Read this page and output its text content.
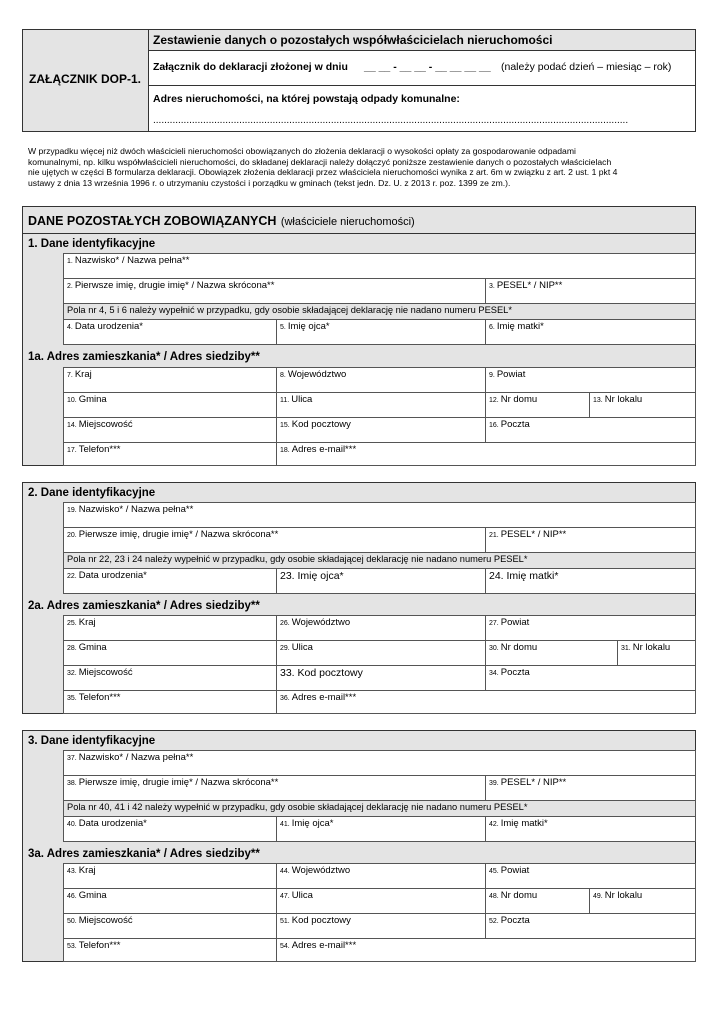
ZAŁĄCZNIK DOP-1.
Zestawienie danych o pozostałych współwłaścicielach nieruchomości
Załącznik do deklaracji złożonej w dniu __ __ - __ __ - __ __ __ __ (należy podać dzień – miesiąc – rok)
Adres nieruchomości, na której powstają odpady komunalne:
...........................................................................................................................................................................
W przypadku więcej niż dwóch właścicieli nieruchomości obowiązanych do złożenia deklaracji o wysokości opłaty za gospodarowanie odpadami
komunalnymi, np. kilku współwłaścicieli nieruchomości, do składanej deklaracji należy dołączyć poniższe zestawienie danych o pozostałych właścicielach
nie ujętych w części B formularza deklaracji. Obowiązek złożenia deklaracji przez właściciela nieruchomości wynika z art. 6m w związku z art. 2 ust. 1 pkt 4
ustawy z dnia 13 września 1996 r. o utrzymaniu czystości i porządku w gminach (tekst jedn. Dz. U. z 2013 r. poz. 1399 ze zm.).
DANE POZOSTAŁYCH ZOBOWIĄZANYCH (właściciele nieruchomości)
1. Dane identyfikacyjne
1. Nazwisko* / Nazwa pełna**
2. Pierwsze imię, drugie imię* / Nazwa skrócona**	3. PESEL* / NIP**
Pola nr 4, 5 i 6 należy wypełnić w przypadku, gdy osobie składającej deklarację nie nadano numeru PESEL*
4. Data urodzenia*	5. Imię ojca*	6. Imię matki*
1a. Adres zamieszkania* / Adres siedziby**
7. Kraj	8. Województwo	9. Powiat
10. Gmina	11. Ulica	12. Nr domu	13. Nr lokalu
14. Miejscowość	15. Kod pocztowy	16. Poczta
17. Telefon***	18. Adres e-mail***
2. Dane identyfikacyjne
19. Nazwisko* / Nazwa pełna**
20. Pierwsze imię, drugie imię* / Nazwa skrócona**	21. PESEL* / NIP**
Pola nr 22, 23 i 24 należy wypełnić w przypadku, gdy osobie składającej deklarację nie nadano numeru PESEL*
22. Data urodzenia*	23. Imię ojca*	24. Imię matki*
2a. Adres zamieszkania* / Adres siedziby**
25. Kraj	26. Województwo	27. Powiat
28. Gmina	29. Ulica	30. Nr domu	31. Nr lokalu
32. Miejscowość	33. Kod pocztowy	34. Poczta
35. Telefon***	36. Adres e-mail***
3. Dane identyfikacyjne
37. Nazwisko* / Nazwa pełna**
38. Pierwsze imię, drugie imię* / Nazwa skrócona**	39. PESEL* / NIP**
Pola nr 40, 41 i 42 należy wypełnić w przypadku, gdy osobie składającej deklarację nie nadano numeru PESEL*
40. Data urodzenia*	41. Imię ojca*	42. Imię matki*
3a. Adres zamieszkania* / Adres siedziby**
43. Kraj	44. Województwo	45. Powiat
46. Gmina	47. Ulica	48. Nr domu	49. Nr lokalu
50. Miejscowość	51. Kod pocztowy	52. Poczta
53. Telefon***	54. Adres e-mail***
